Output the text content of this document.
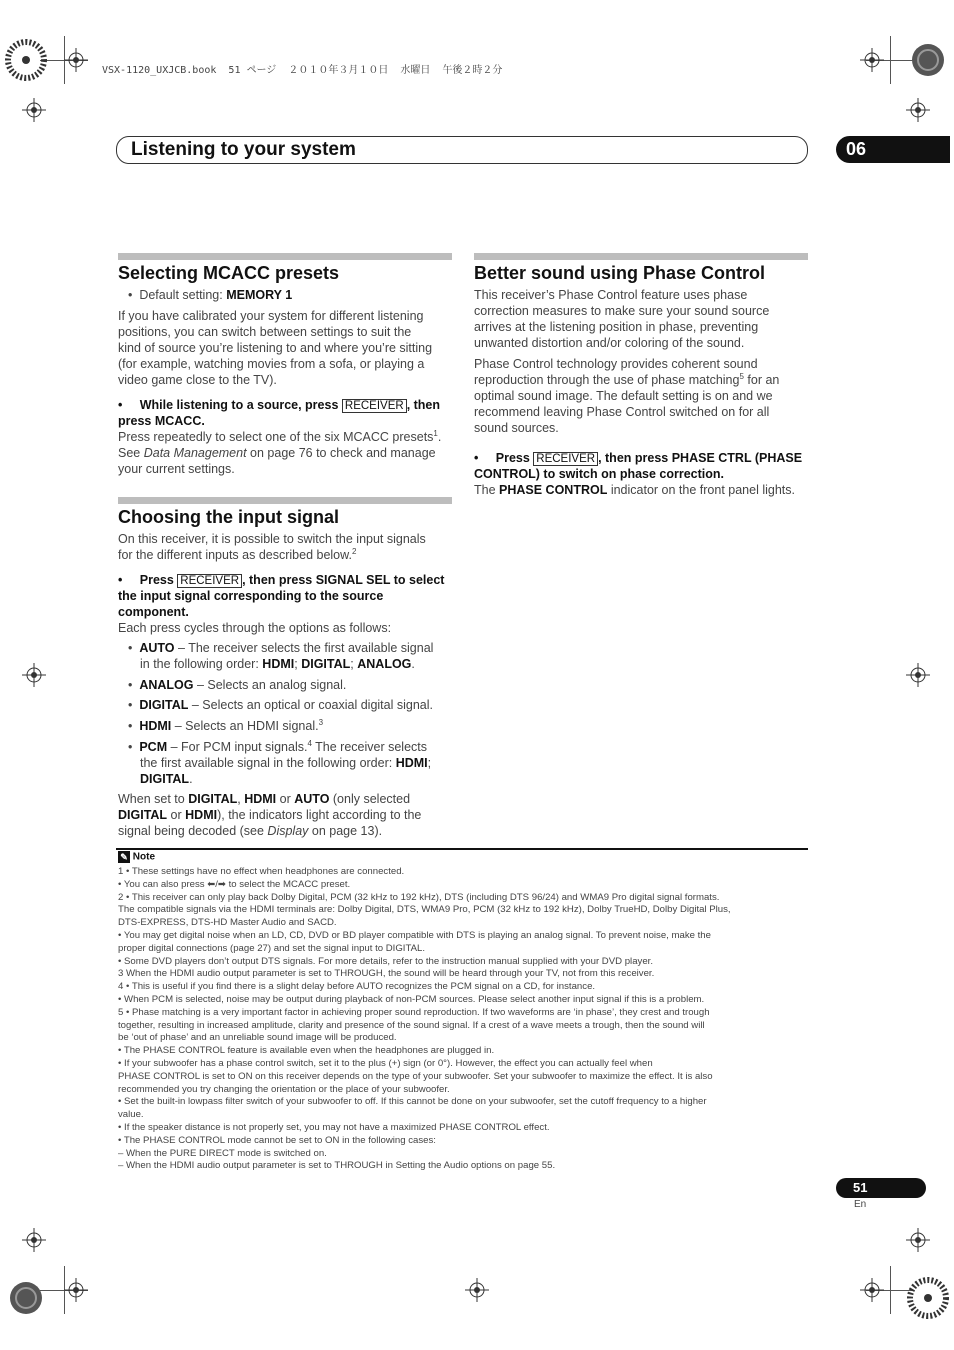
VSX-1120_UXJCB.book  51 ページ  ２０１０年３月１０日  水曜日  午後２時２分
Listening to your system	06
Selecting MCACC presets
•  Default setting: MEMORY 1
If you have calibrated your system for different listening
positions, you can switch between settings to suit the
kind of source you’re listening to and where you’re sitting
(for example, watching movies from a sofa, or playing a
video game close to the TV).
•     While listening to a source, press RECEIVER , then
press MCACC.
Press repeatedly to select one of the six MCACC presets$^1$.
See Data Management on page 76 to check and manage
your current settings.
Choosing the input signal
On this receiver, it is possible to switch the input signals
for the different inputs as described below.$^2$
•     Press RECEIVER , then press SIGNAL SEL to select
the input signal corresponding to the source
component.
Each press cycles through the options as follows:
•  AUTO – The receiver selects the first available signal
in the following order: HDMI; DIGITAL; ANALOG.
•  ANALOG – Selects an analog signal.
•  DIGITAL – Selects an optical or coaxial digital signal.
•  HDMI – Selects an HDMI signal.$^3$
•  PCM – For PCM input signals.$^4$ The receiver selects
the first available signal in the following order: HDMI;
DIGITAL.
When set to DIGITAL, HDMI or AUTO (only selected
DIGITAL or HDMI), the indicators light according to the
signal being decoded (see Display on page 13).
Better sound using Phase Control
This receiver’s Phase Control feature uses phase
correction measures to make sure your sound source
arrives at the listening position in phase, preventing
unwanted distortion and/or coloring of the sound.
Phase Control technology provides coherent sound
reproduction through the use of phase matching$^5$ for an
optimal sound image. The default setting is on and we
recommend leaving Phase Control switched on for all
sound sources.
•     Press RECEIVER , then press PHASE CTRL (PHASE
CONTROL) to switch on phase correction.
The PHASE CONTROL indicator on the front panel lights.
✎ Note
1 • These settings have no effect when headphones are connected.
• You can also press ⬅/➡ to select the MCACC preset.
2 • This receiver can only play back Dolby Digital, PCM (32 kHz to 192 kHz), DTS (including DTS 96/24) and WMA9 Pro digital signal formats.
The compatible signals via the HDMI terminals are: Dolby Digital, DTS, WMA9 Pro, PCM (32 kHz to 192 kHz), Dolby TrueHD, Dolby Digital Plus,
DTS-EXPRESS, DTS-HD Master Audio and SACD.
• You may get digital noise when an LD, CD, DVD or BD player compatible with DTS is playing an analog signal. To prevent noise, make the
proper digital connections (page 27) and set the signal input to DIGITAL.
• Some DVD players don’t output DTS signals. For more details, refer to the instruction manual supplied with your DVD player.
3 When the HDMI audio output parameter is set to THROUGH, the sound will be heard through your TV, not from this receiver.
4 • This is useful if you find there is a slight delay before AUTO recognizes the PCM signal on a CD, for instance.
• When PCM is selected, noise may be output during playback of non-PCM sources. Please select another input signal if this is a problem.
5 • Phase matching is a very important factor in achieving proper sound reproduction. If two waveforms are ‘in phase’, they crest and trough
together, resulting in increased amplitude, clarity and presence of the sound signal. If a crest of a wave meets a trough, then the sound will
be ‘out of phase’ and an unreliable sound image will be produced.
• The PHASE CONTROL feature is available even when the headphones are plugged in.
• If your subwoofer has a phase control switch, set it to the plus (+) sign (or 0°). However, the effect you can actually feel when
PHASE CONTROL is set to ON on this receiver depends on the type of your subwoofer. Set your subwoofer to maximize the effect. It is also
recommended you try changing the orientation or the place of your subwoofer.
• Set the built-in lowpass filter switch of your subwoofer to off. If this cannot be done on your subwoofer, set the cutoff frequency to a higher
value.
• If the speaker distance is not properly set, you may not have a maximized PHASE CONTROL effect.
• The PHASE CONTROL mode cannot be set to ON in the following cases:
– When the PURE DIRECT mode is switched on.
– When the HDMI audio output parameter is set to THROUGH in Setting the Audio options on page 55.
51
En
